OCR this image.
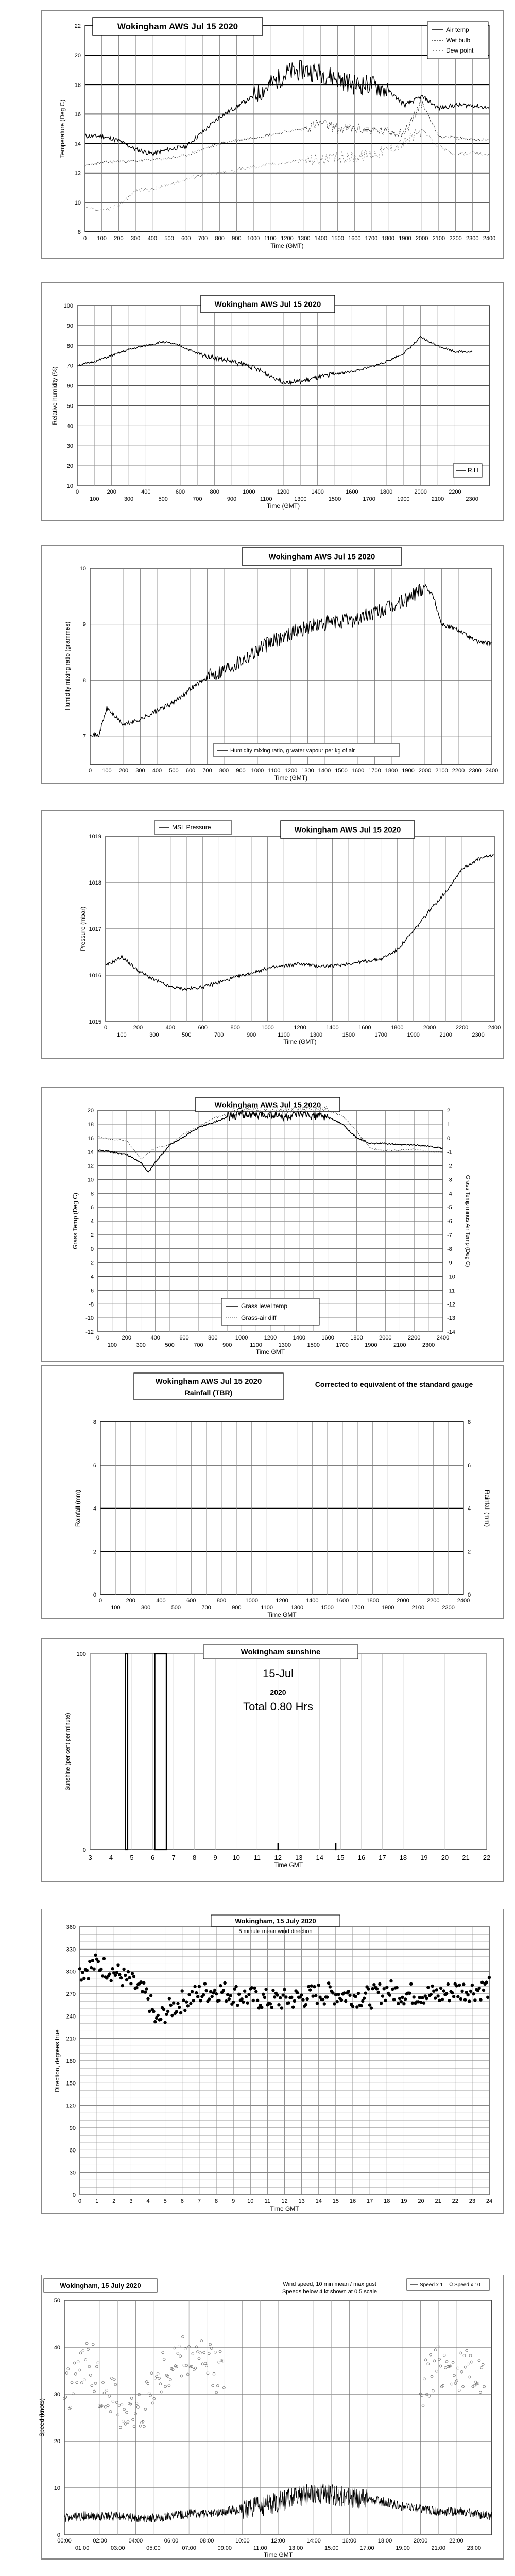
8
10
12
14
16
18
20
22
0 100 200 300 400 500 600 700 800 900 1000 1100 1200 1300 1400 1500 1600 1700 1800 1900 2000 2100 2200 2300 2400
Time (GMT)
Temperature (Deg C)
Wokingham AWS Jul 15 2020	Air temp
Wet bulb
Dew point
10
20
30
40
50
60
70
80
90
100
0	200	400	600	800	1000	1200	1400	1600	1800	2000	2200
100	300	500	700	900	1100	1300	1500	1700	1900	2100	2300
Time (GMT)
Relative humidity (%)
Wokingham AWS Jul 15 2020
R.H
7
8
9
10
0 100 200 300 400 500 600 700 800 900 1000 1100 1200 1300 1400 1500 1600 1700 1800 1900 2000 2100 2200 2300 2400
Time (GMT)
Humidity mixing ratio (grammes)
Wokingham AWS Jul 15 2020
Humidity mixing ratio, g water vapour per kg of air
1015
1016
1017
1018
1019
0	200	400	600	800	1000	1200	1400	1600	1800	2000	2200	2400
100	300	500	700	900	1100	1300	1500	1700	1900	2100	2300
Time (GMT)
Pressure (mbar)
Wokingham AWS Jul 15 2020
MSL Pressure
20
18
16
14
12
10
8
6
4
2
0
-2
-4
-6
-8
-10
-12
0	200	400	600	800	1000	1200	1400	1600	1800	2000	2200	2400
100	300	500	700	900	1100	1300	1500	1700	1900	2100	2300
Time GMT
Grass Temp (Deg C)
Wokingham AWS Jul 15 2020
2
1
0
-1
-2
-3
-4
-5
-6
-7
-8
-9
-10
-11
-12
-13
-14
Grass Temp minus Air Temp (Deg C)
Grass level temp
Grass-air diff
0
2
4
6
8
0	200	400	600	800	1000	1200	1400	1600	1800	2000	2200	2400
100	300	500	700	900	1100	1300	1500	1700	1900	2100	2300
Time GMT
Rainfall (mm)
Wokingham AWS Jul 15 2020
Rainfall (TBR)
Corrected to equivalent of the standard gauge
0
2
4
6
8
Rainfall (mm)
3	4	5	6	7	8	9 10 11 12 13 14 15 16 17 18 19 20 21 22
0
100
Time GMT
Sunshine (per cent per minute)
Wokingham sunshine
15-Jul
2020
Total 0.80 Hrs
0
30
60
90
120
150
180
210
240
270
300
330
360
0 1 2 3 4 5 6 7 8 9 10 11 12 13 14 15 16 17 18 19 20 21 22 23 24
Time GMT
Direction, degrees true
Wokingham, 15 July 2020
5 minute mean wind direction
0
10
20
30
40
50
00:00	02:00	04:00	06:00	08:00	10:00	12:00	14:00	16:00	18:00	20:00	22:00
01:00	03:00	05:00	07:00	09:00	11:00	13:00	15:00	17:00	19:00	21:00	23:00
Time GMT
Speed (knots)
Wokingham, 15 July 2020	Wind speed, 10 min mean / max gust
Speeds below 4 kt shown at 0.5 scale
Speed x 1 Speed x 10
